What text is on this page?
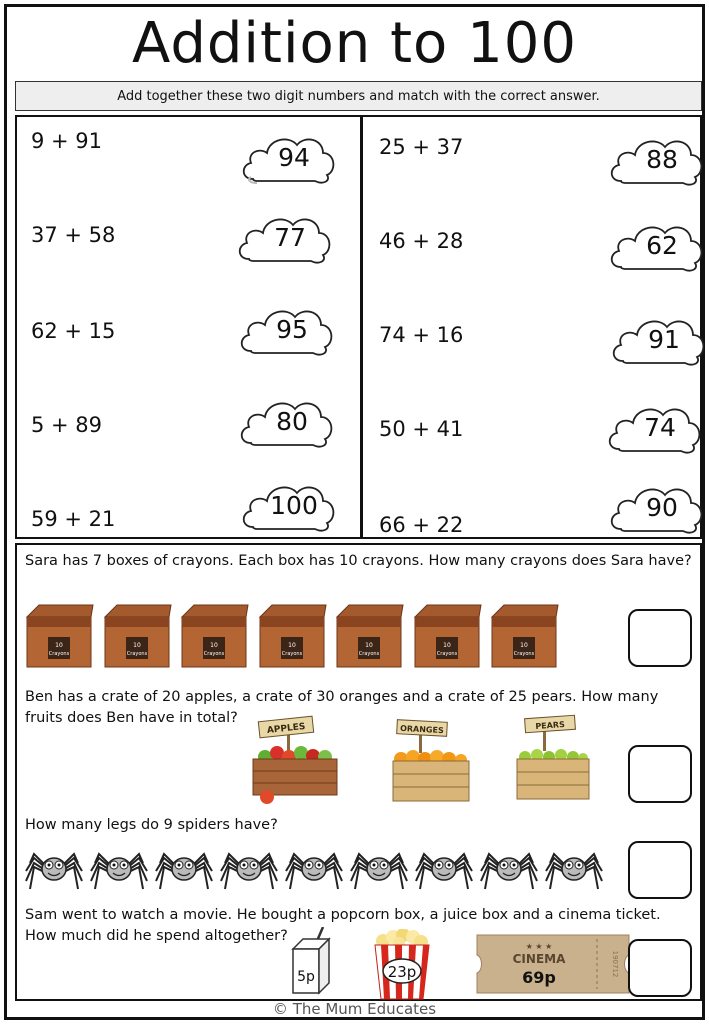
Addition to 100
Add together these two digit numbers and match with the correct answer.
9 + 91
37 + 58
62 + 15
5 + 89
59 + 21
94
77
95
80
100
25 + 37
46 + 28
74 + 16
50 + 41
66 + 22
88
62
91
74
90
Sara has 7 boxes of crayons. Each box has 10 crayons. How many crayons does Sara have?
10
Crayons
10
Crayons
10
Crayons
10
Crayons
10
Crayons
10
Crayons
10
Crayons
Ben has a crate of 20 apples, a crate of 30 oranges and a crate of 25 pears. How many fruits does Ben have in total?
APPLES	ORANGES	PEARS
How many legs do 9 spiders have?
Sam went to watch a movie. He bought a popcorn box, a juice box and a cinema ticket. How much did he spend altogether?
5p	23p
★ ★ ★
CINEMA
69p
190712
© The Mum Educates
